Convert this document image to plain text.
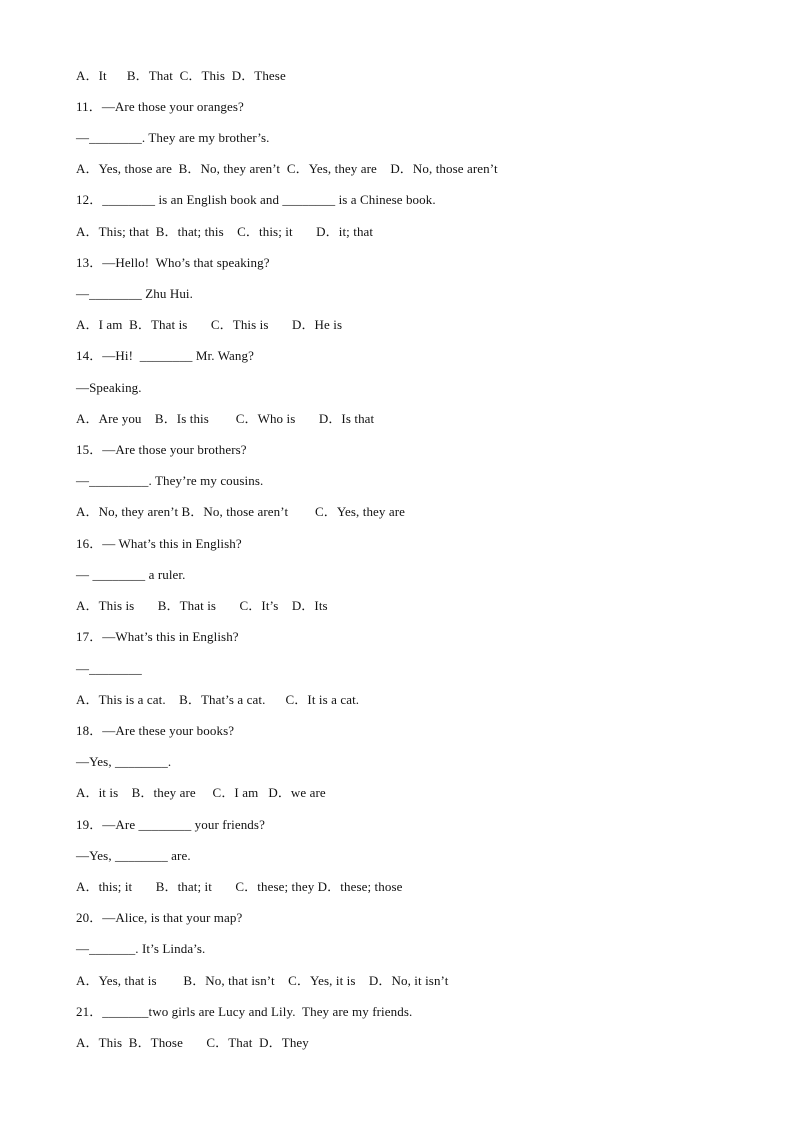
A．It      B．That  C．This  D．These
11．—Are those your oranges?
—________. They are my brother’s.
A．Yes, those are  B．No, they aren’t  C．Yes, they are    D．No, those aren’t
12．________ is an English book and ________ is a Chinese book.
A．This; that  B．that; this    C．this; it       D．it; that
13．—Hello!  Who’s that speaking?
—________ Zhu Hui.
A．I am  B．That is       C．This is       D．He is
14．—Hi!  ________ Mr. Wang?
—Speaking.
A．Are you    B．Is this        C．Who is       D．Is that
15．—Are those your brothers?
—_________. They’re my cousins.
A．No, they aren’t B．No, those aren’t        C．Yes, they are
16．— What’s this in English?
— ________ a ruler.
A．This is       B．That is       C．It’s    D．Its
17．—What’s this in English?
—________
A．This is a cat.    B．That’s a cat.      C．It is a cat.
18．—Are these your books?
—Yes, ________.
A．it is    B．they are     C．I am   D．we are
19．—Are ________ your friends?
—Yes, ________ are.
A．this; it       B．that; it       C．these; they D．these; those
20．—Alice, is that your map?
—_______. It’s Linda’s.
A．Yes, that is        B．No, that isn’t    C．Yes, it is    D．No, it isn’t
21．_______two girls are Lucy and Lily.  They are my friends.
A．This  B．Those       C．That  D．They
